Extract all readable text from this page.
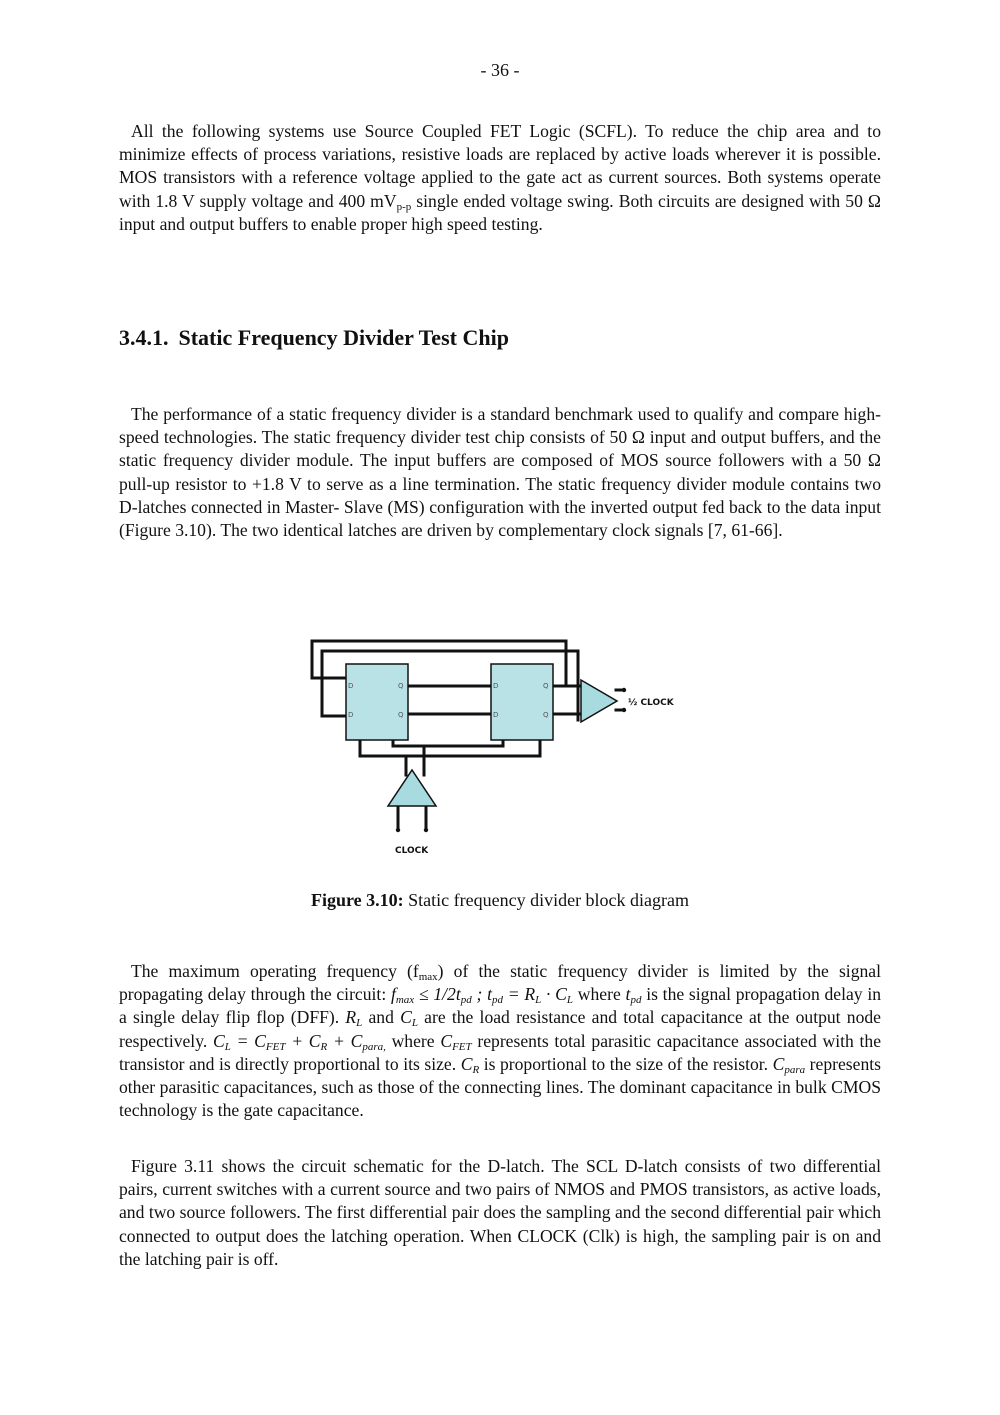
- 36 -

All the following systems use Source Coupled FET Logic (SCFL). To reduce the chip area and to minimize effects of process variations, resistive loads are replaced by active loads wherever it is possible. MOS transistors with a reference voltage applied to the gate act as current sources. Both systems operate with 1.8 V supply voltage and 400 $mV_{p-p}$ single ended voltage swing. Both circuits are designed with 50 Ω input and output buffers to enable proper high speed testing.

3.4.1. Static Frequency Divider Test Chip

The performance of a static frequency divider is a standard benchmark used to qualify and compare high-speed technologies. The static frequency divider test chip consists of 50 Ω input and output buffers, and the static frequency divider module. The input buffers are composed of MOS source followers with a 50 Ω pull-up resistor to +1.8 V to serve as a line termination. The static frequency divider module contains two D-latches connected in Master- Slave (MS) configuration with the inverted output fed back to the data input (Figure 3.10). The two identical latches are driven by complementary clock signals [7, 61-66].

D	Q
D	Q
D	Q
D	Q
½ CLOCK
CLOCK
Figure 3.10: Static frequency divider block diagram

The maximum operating frequency $(f_{max})$ of the static frequency divider is limited by the signal propagating delay through the circuit: $f_{max} \le 1/2t_{pd}$ ; $t_{pd} = R_L \cdot C_L$ where $t_{pd}$ is the signal propagation delay in a single delay flip flop (DFF). $R_L$ and $C_L$ are the load resistance and total capacitance at the output node respectively. $C_L = C_{FET} + C_R + C_{para,}$ where $C_{FET}$ represents total parasitic capacitance associated with the transistor and is directly proportional to its size. $C_R$ is proportional to the size of the resistor. $C_{para}$ represents other parasitic capacitances, such as those of the connecting lines. The dominant capacitance in bulk CMOS technology is the gate capacitance.

Figure 3.11 shows the circuit schematic for the D-latch. The SCL D-latch consists of two differential pairs, current switches with a current source and two pairs of NMOS and PMOS transistors, as active loads, and two source followers. The first differential pair does the sampling and the second differential pair which connected to output does the latching operation. When CLOCK (Clk) is high, the sampling pair is on and the latching pair is off.
